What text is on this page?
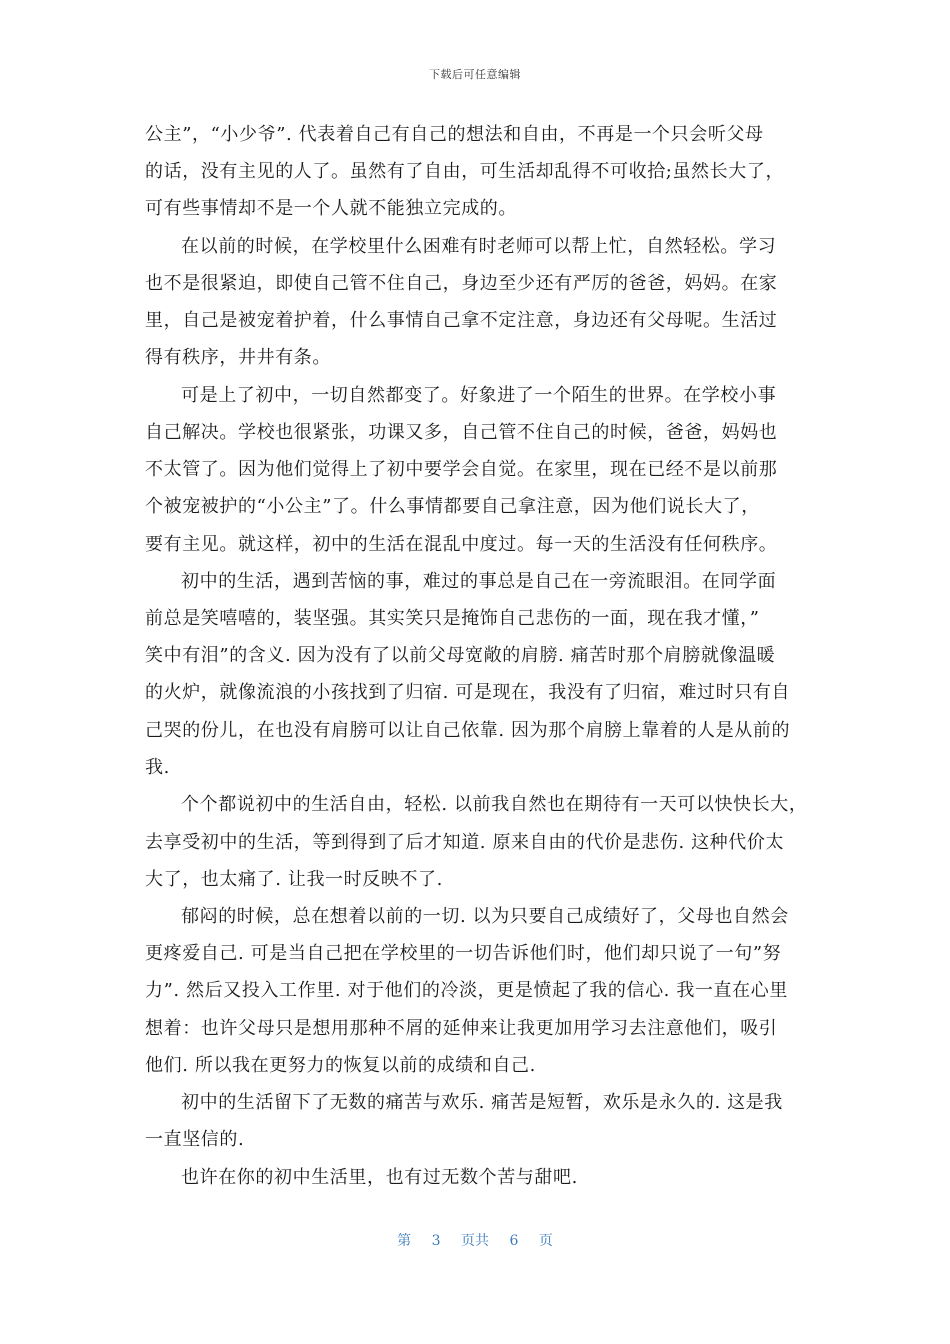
下载后可任意编辑
公主”，“小少爷”. 代表着自己有自己的想法和自由，不再是一个只会听父母
的话，没有主见的人了。虽然有了自由，可生活却乱得不可收拾;虽然长大了，
可有些事情却不是一个人就不能独立完成的。
在以前的时候，在学校里什么困难有时老师可以帮上忙，自然轻松。学习
也不是很紧迫，即使自己管不住自己，身边至少还有严厉的爸爸，妈妈。在家
里，自己是被宠着护着，什么事情自己拿不定注意，身边还有父母呢。生活过
得有秩序，井井有条。
可是上了初中，一切自然都变了。好象进了一个陌生的世界。在学校小事
自己解决。学校也很紧张，功课又多，自己管不住自己的时候，爸爸，妈妈也
不太管了。因为他们觉得上了初中要学会自觉。在家里，现在已经不是以前那
个被宠被护的“小公主”了。什么事情都要自己拿注意，因为他们说长大了，
要有主见。就这样，初中的生活在混乱中度过。每一天的生活没有任何秩序。
初中的生活，遇到苦恼的事，难过的事总是自己在一旁流眼泪。在同学面
前总是笑嘻嘻的，装坚强。其实笑只是掩饰自己悲伤的一面，现在我才懂，”
笑中有泪”的含义. 因为没有了以前父母宽敞的肩膀. 痛苦时那个肩膀就像温暖
的火炉，就像流浪的小孩找到了归宿. 可是现在，我没有了归宿，难过时只有自
己哭的份儿，在也没有肩膀可以让自己依靠. 因为那个肩膀上靠着的人是从前的
我.
个个都说初中的生活自由，轻松. 以前我自然也在期待有一天可以快快长大，
去享受初中的生活，等到得到了后才知道. 原来自由的代价是悲伤. 这种代价太
大了，也太痛了. 让我一时反映不了.
郁闷的时候，总在想着以前的一切. 以为只要自己成绩好了，父母也自然会
更疼爱自己. 可是当自己把在学校里的一切告诉他们时，他们却只说了一句”努
力”. 然后又投入工作里. 对于他们的冷淡，更是愤起了我的信心. 我一直在心里
想着：也许父母只是想用那种不屑的延伸来让我更加用学习去注意他们，吸引
他们. 所以我在更努力的恢复以前的成绩和自己.
初中的生活留下了无数的痛苦与欢乐. 痛苦是短暂，欢乐是永久的. 这是我
一直坚信的.
也许在你的初中生活里，也有过无数个苦与甜吧.
第 3 页共 6 页
